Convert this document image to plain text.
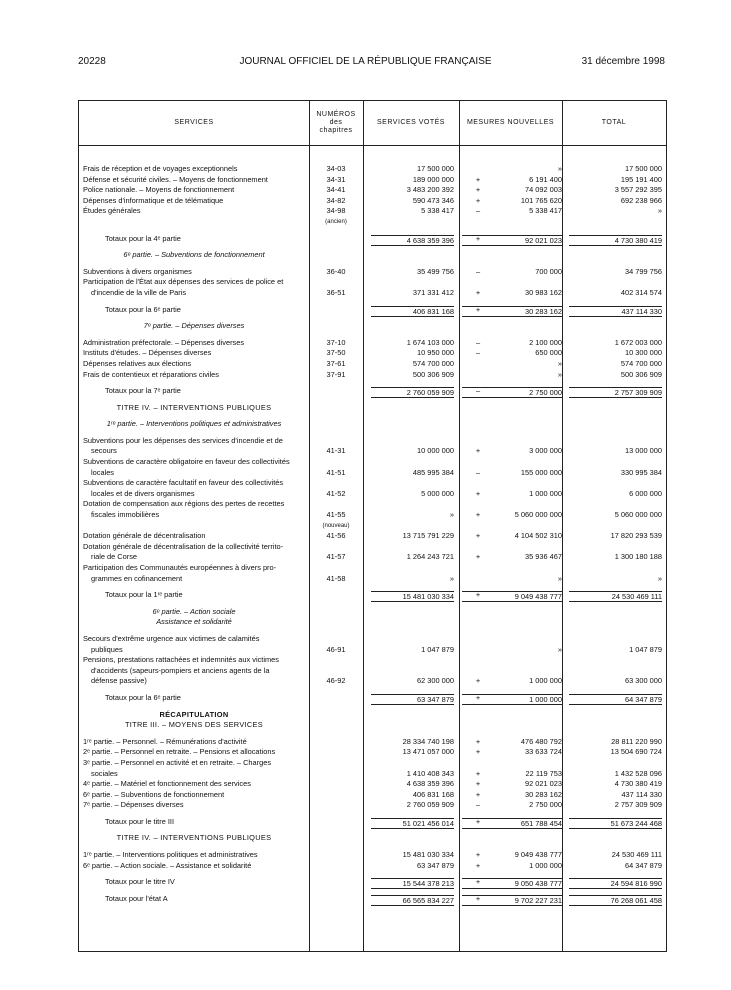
20228	JOURNAL OFFICIEL DE LA RÉPUBLIQUE FRANÇAISE	31 décembre 1998
SERVICES
NUMÉROS
des
chapitres
SERVICES VOTÉS	MESURES NOUVELLES	TOTAL
Frais de réception et de voyages exceptionnels	34-03	17 500 000	»	17 500 000
Défense et sécurité civiles. – Moyens de fonctionnement	34-31	189 000 000	+	6 191 400	195 191 400
Police nationale. – Moyens de fonctionnement	34-41	3 483 200 392	+	74 092 003	3 557 292 395
Dépenses d'informatique et de télématique	34-82	590 473 346	+	101 765 620	692 238 966
Études générales	34-98	5 338 417	–	5 338 417	»
(ancien)
Totaux pour la 4ᵉ partie	4 638 359 396	+	92 021 023	4 730 380 419
6ᵉ partie. – Subventions de fonctionnement
Subventions à divers organismes	36-40	35 499 756	–	700 000	34 799 756
Participation de l'État aux dépenses des services de police et
d'incendie de la ville de Paris	36-51	371 331 412	+	30 983 162	402 314 574
Totaux pour la 6ᵉ partie	406 831 168	+	30 283 162	437 114 330
7ᵉ partie. – Dépenses diverses
Administration préfectorale. – Dépenses diverses	37-10	1 674 103 000	–	2 100 000	1 672 003 000
Instituts d'études. – Dépenses diverses	37-50	10 950 000	–	650 000	10 300 000
Dépenses relatives aux élections	37-61	574 700 000	»	574 700 000
Frais de contentieux et réparations civiles	37-91	500 306 909	»	500 306 909
Totaux pour la 7ᵉ partie	2 760 059 909	–	2 750 000	2 757 309 909
TITRE IV. – INTERVENTIONS PUBLIQUES
1ʳᵉ partie. – Interventions politiques et administratives
Subventions pour les dépenses des services d'incendie et de
secours	41-31	10 000 000	+	3 000 000	13 000 000
Subventions de caractère obligatoire en faveur des collectivités
locales	41-51	485 995 384	–	155 000 000	330 995 384
Subventions de caractère facultatif en faveur des collectivités
locales et de divers organismes	41-52	5 000 000	+	1 000 000	6 000 000
Dotation de compensation aux régions des pertes de recettes
fiscales immobilières	41-55	»	+	5 060 000 000	5 060 000 000
(nouveau)
Dotation générale de décentralisation	41-56	13 715 791 229	+	4 104 502 310	17 820 293 539
Dotation générale de décentralisation de la collectivité territo-
riale de Corse	41-57	1 264 243 721	+	35 936 467	1 300 180 188
Participation des Communautés européennes à divers pro-
grammes en cofinancement	41-58	»	»	»
Totaux pour la 1ʳᵉ partie	15 481 030 334	+	9 049 438 777	24 530 469 111
6ᵉ partie. – Action sociale
Assistance et solidarité
Secours d'extrême urgence aux victimes de calamités
publiques	46-91	1 047 879	»	1 047 879
Pensions, prestations rattachées et indemnités aux victimes
d'accidents (sapeurs-pompiers et anciens agents de la
défense passive)	46-92	62 300 000	+	1 000 000	63 300 000
Totaux pour la 6ᵉ partie	63 347 879	+	1 000 000	64 347 879
RÉCAPITULATION
TITRE III. – MOYENS DES SERVICES
1ʳᵉ partie. – Personnel. – Rémunérations d'activité	28 334 740 198	+	476 480 792	28 811 220 990
2ᵉ partie. – Personnel en retraite. – Pensions et allocations	13 471 057 000	+	33 633 724	13 504 690 724
3ᵉ partie. – Personnel en activité et en retraite. – Charges
sociales	1 410 408 343	+	22 119 753	1 432 528 096
4ᵉ partie. – Matériel et fonctionnement des services	4 638 359 396	+	92 021 023	4 730 380 419
6ᵉ partie. – Subventions de fonctionnement	406 831 168	+	30 283 162	437 114 330
7ᵉ partie. – Dépenses diverses	2 760 059 909	–	2 750 000	2 757 309 909
Totaux pour le titre III	51 021 456 014	+	651 788 454	51 673 244 468
TITRE IV. – INTERVENTIONS PUBLIQUES
1ʳᵉ partie. – Interventions politiques et administratives	15 481 030 334	+	9 049 438 777	24 530 469 111
6ᵉ partie. – Action sociale. – Assistance et solidarité	63 347 879	+	1 000 000	64 347 879
Totaux pour le titre IV	15 544 378 213	+	9 050 438 777	24 594 816 990
Totaux pour l'état A	66 565 834 227	+	9 702 227 231	76 268 061 458
